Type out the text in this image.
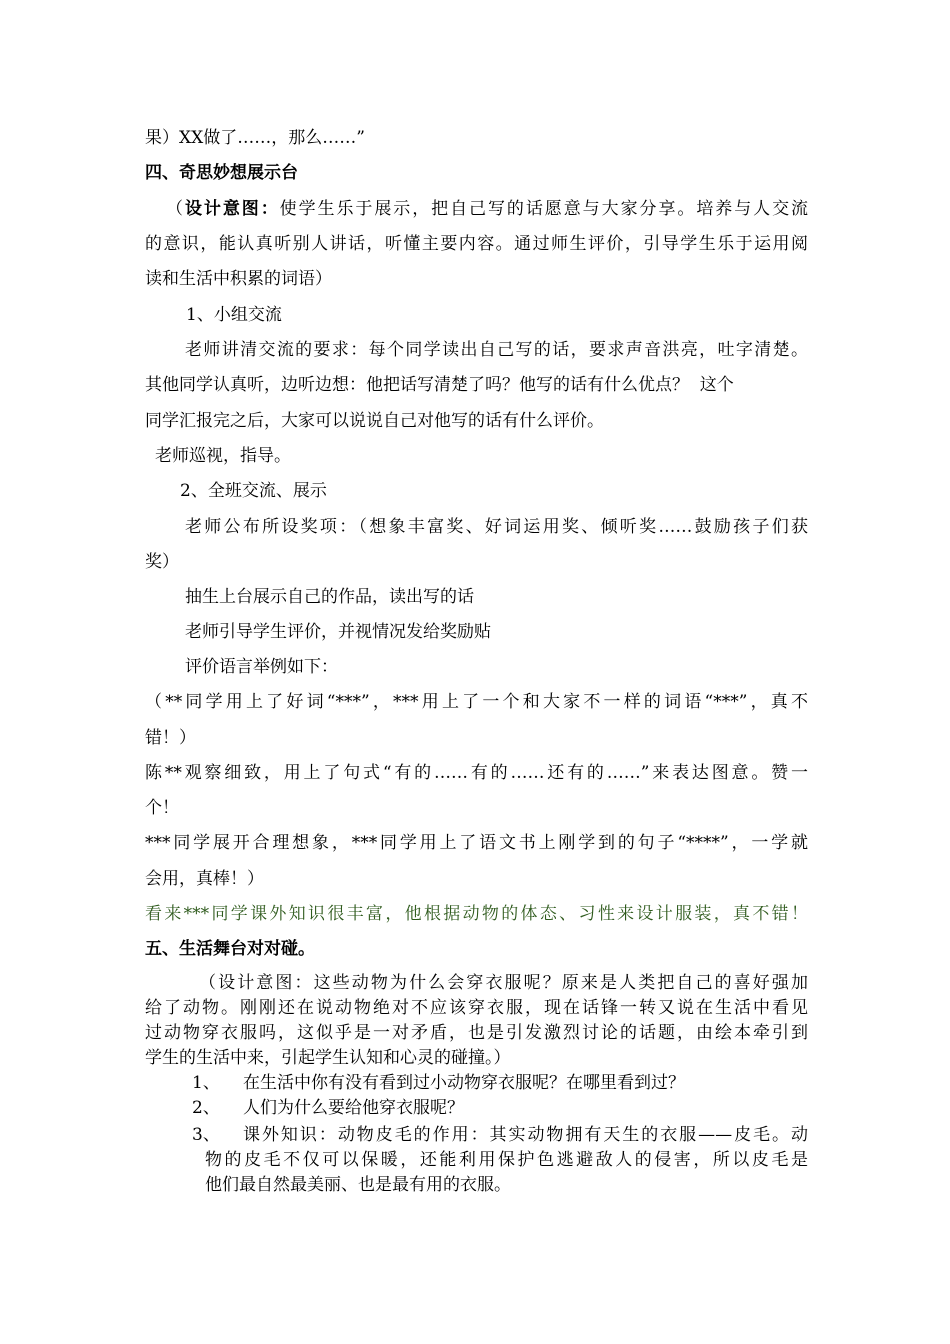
果）XX做了……，那么……”
四、奇思妙想展示台
（设计意图：使学生乐于展示，把自己写的话愿意与大家分享。培养与人交流
的意识，能认真听别人讲话，听懂主要内容。通过师生评价，引导学生乐于运用阅
读和生活中积累的词语）
1、小组交流
老师讲清交流的要求：每个同学读出自己写的话，要求声音洪亮，吐字清楚。
其他同学认真听，边听边想：他把话写清楚了吗？他写的话有什么优点？  这个
同学汇报完之后，大家可以说说自己对他写的话有什么评价。
老师巡视，指导。
2、全班交流、展示
老师公布所设奖项：（想象丰富奖、好词运用奖、倾听奖……鼓励孩子们获
奖）
抽生上台展示自己的作品，读出写的话
老师引导学生评价，并视情况发给奖励贴
评价语言举例如下：
（**同学用上了好词“***”，***用上了一个和大家不一样的词语“***”，真不
错！）
陈**观察细致，用上了句式“有的……有的……还有的……”来表达图意。赞一
个！
***同学展开合理想象，***同学用上了语文书上刚学到的句子“****”，一学就
会用，真棒！）
看来***同学课外知识很丰富，他根据动物的体态、习性来设计服装，真不错！
五、生活舞台对对碰。
（设计意图：这些动物为什么会穿衣服呢？原来是人类把自己的喜好强加
给了动物。刚刚还在说动物绝对不应该穿衣服，现在话锋一转又说在生活中看见
过动物穿衣服吗，这似乎是一对矛盾，也是引发激烈讨论的话题，由绘本牵引到
学生的生活中来，引起学生认知和心灵的碰撞。）
1、 在生活中你有没有看到过小动物穿衣服呢？在哪里看到过？
2、 人们为什么要给他穿衣服呢？
3、 课外知识：动物皮毛的作用：其实动物拥有天生的衣服——皮毛。动
物的皮毛不仅可以保暖，还能利用保护色逃避敌人的侵害，所以皮毛是
他们最自然最美丽、也是最有用的衣服。
